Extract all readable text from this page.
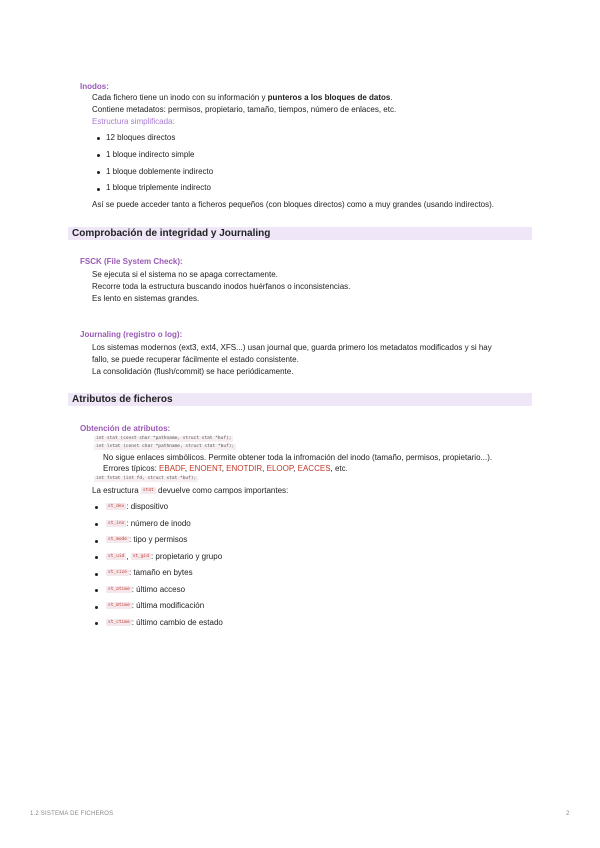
Inodos:
Cada fichero tiene un inodo con su información y punteros a los bloques de datos.
Contiene metadatos: permisos, propietario, tamaño, tiempos, número de enlaces, etc.
Estructura simplificada:
12 bloques directos
1 bloque indirecto simple
1 bloque doblemente indirecto
1 bloque triplemente indirecto
Así se puede acceder tanto a ficheros pequeños (con bloques directos) como a muy grandes (usando indirectos).
Comprobación de integridad y Journaling
FSCK (File System Check):
Se ejecuta si el sistema no se apaga correctamente.
Recorre toda la estructura buscando inodos huérfanos o inconsistencias.
Es lento en sistemas grandes.
Journaling (registro o log):
Los sistemas modernos (ext3, ext4, XFS...) usan journal que, guarda primero los metadatos modificados y si hay
fallo, se puede recuperar fácilmente el estado consistente.
La consolidación (flush/commit) se hace periódicamente.
Atributos de ficheros
Obtención de atributos:
int stat (const char *pathname, struct stat *buf);
int lstat (const char *pathname, struct stat *buf);
No sigue enlaces simbólicos. Permite obtener toda la infromación del inodo (tamaño, permisos, propietario...).
Errores típicos: EBADF, ENOENT, ENOTDIR, ELOOP, EACCES, etc.
int fstat (int fd, struct stat *buf);
La estructura stat devuelve como campos importantes:
st_dev : dispositivo
st_ino : número de inodo
st_mode : tipo y permisos
st_uid , st_gid : propietario y grupo
st_size : tamaño en bytes
st_atime : último acceso
st_mtime : última modificación
st_ctime : último cambio de estado
1.2 SISTEMA DE FICHEROS	2
